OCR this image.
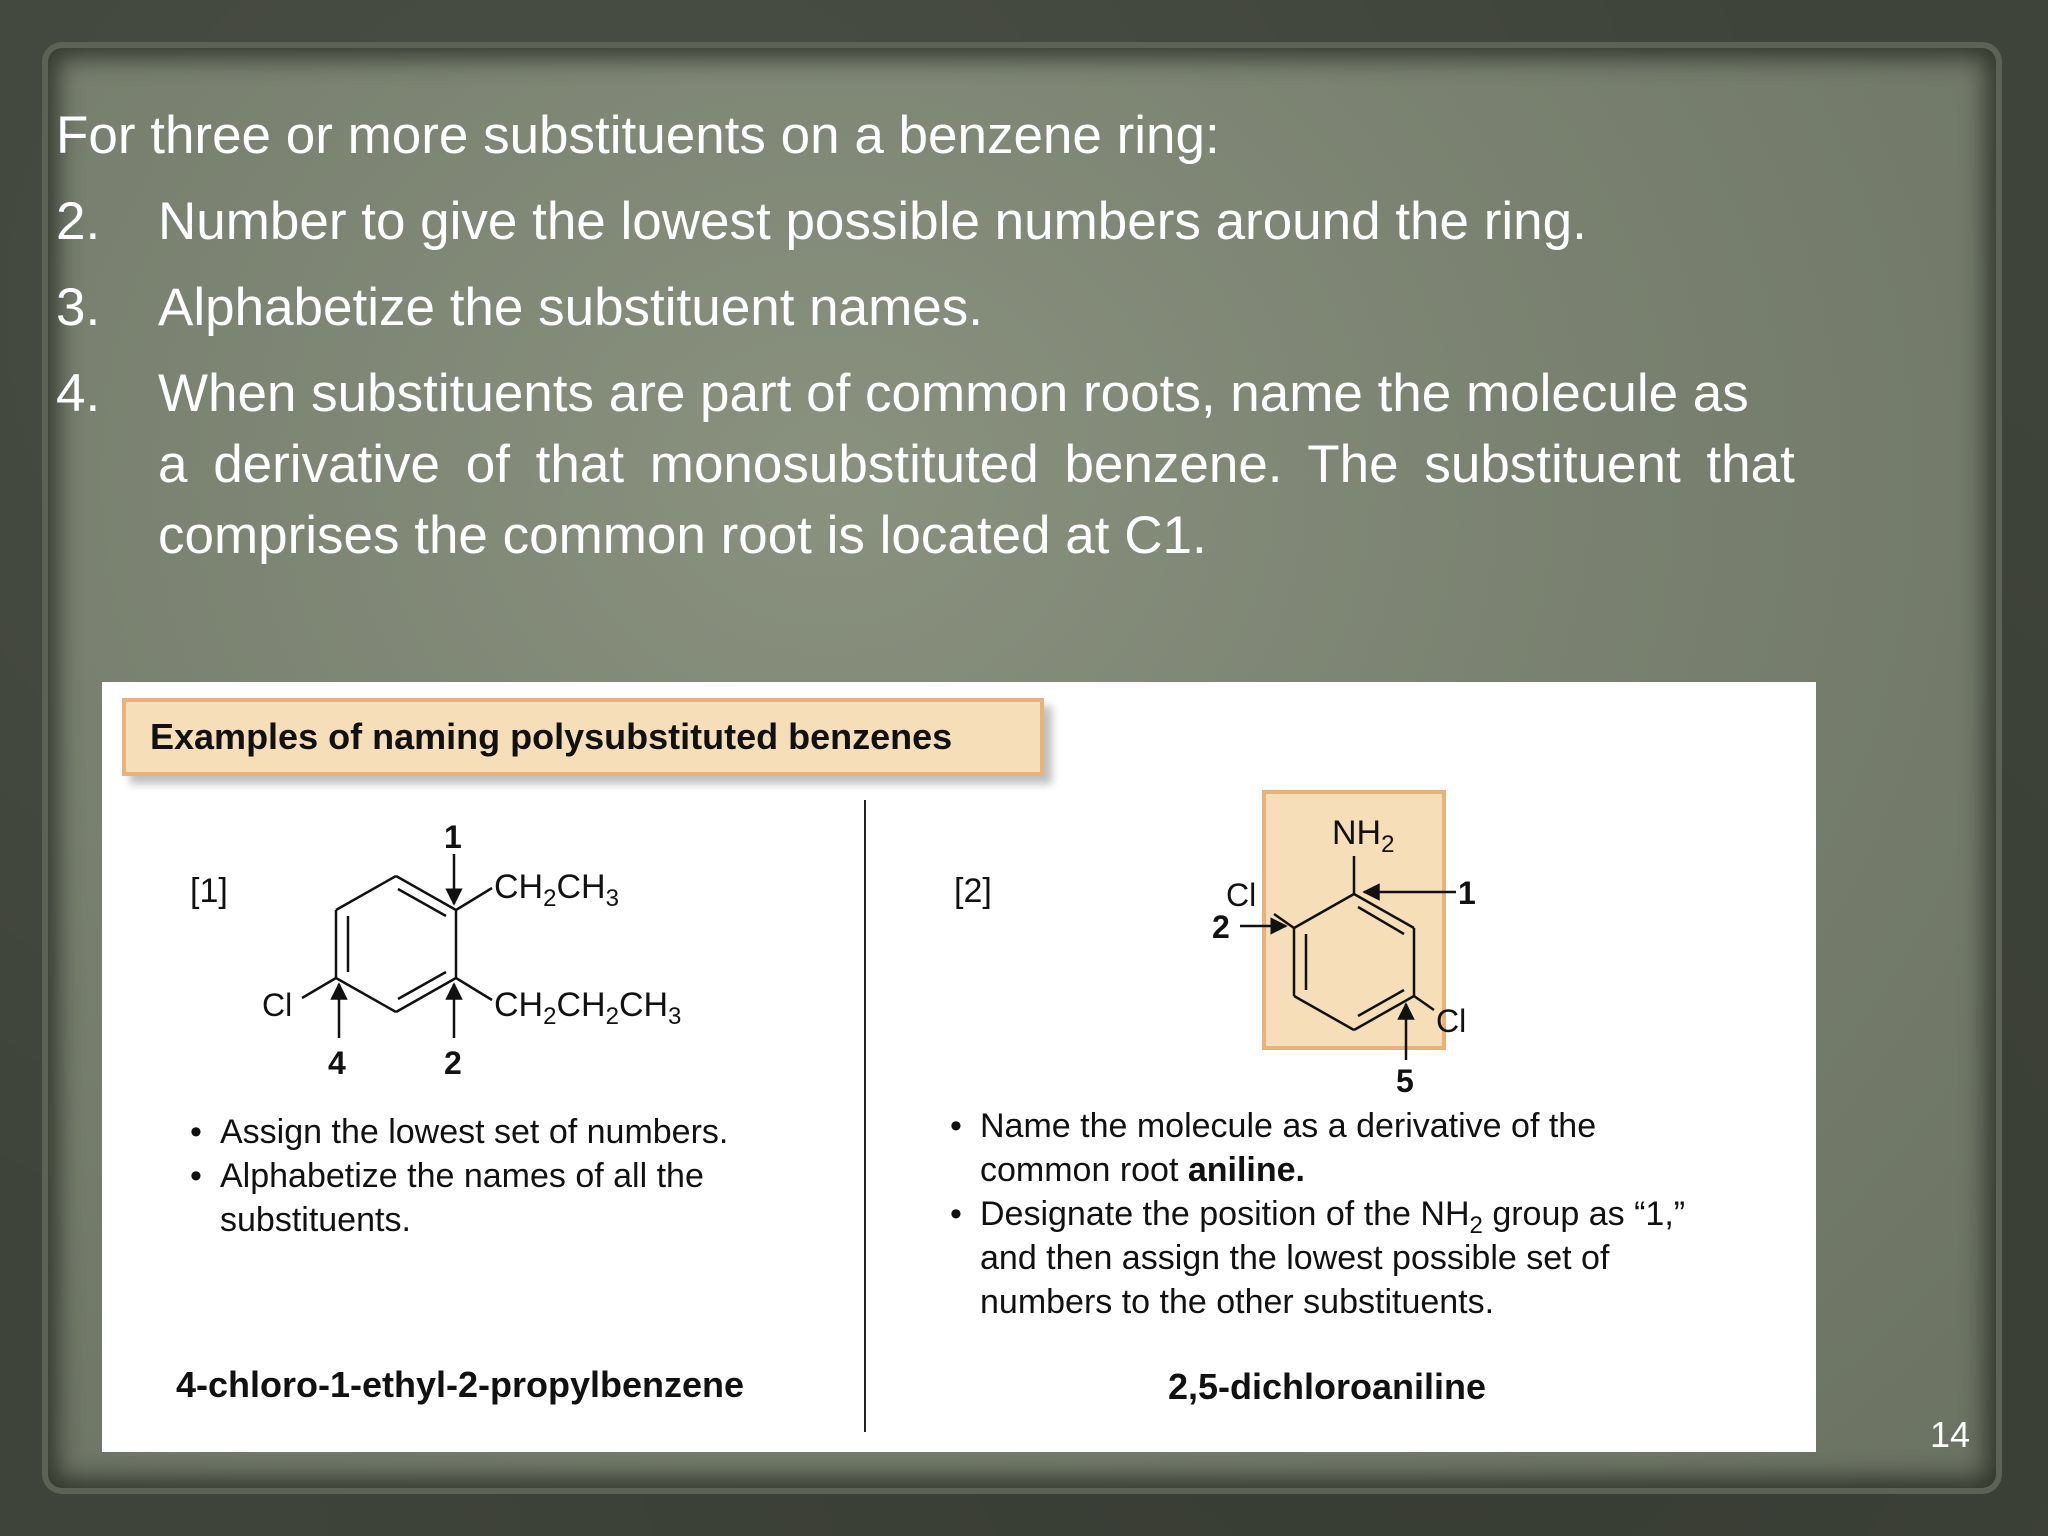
For three or more substituents on a benzene ring:
2. Number to give the lowest possible numbers around the ring.
3. Alphabetize the substituent names.
4. When substituents are part of common roots, name the molecule as
a derivative of that monosubstituted benzene. The substituent that
comprises the common root is located at C1.
Examples of naming polysubstituted benzenes
[1]
1
2
4
Cl
$CH_2CH_3$
$CH_2CH_2CH_3$
• Assign the lowest set of numbers.
• Alphabetize the names of all the
substituents.
4-chloro-1-ethyl-2-propylbenzene
[2]
$NH_2$
Cl
Cl
1
2
5
• Name the molecule as a derivative of the
common root aniline.
• Designate the position of the $NH_2$ group as “1,”
and then assign the lowest possible set of
numbers to the other substituents.
2,5-dichloroaniline
14
